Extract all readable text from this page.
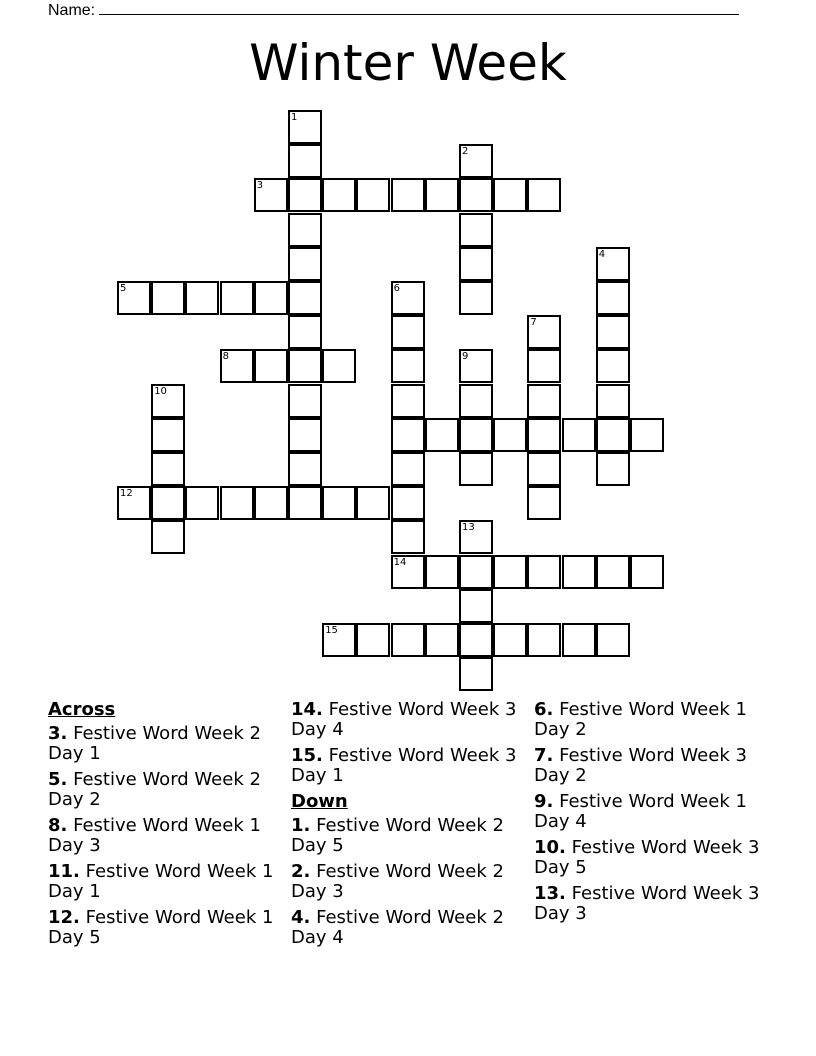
Name:
Winter Week
1
3
2
4
5	6
14
7
8	9
10
12
13
15
Across
3. Festive Word Week 2 Day 1
5. Festive Word Week 2 Day 2
8. Festive Word Week 1 Day 3
11. Festive Word Week 1 Day 1
12. Festive Word Week 1 Day 5
14. Festive Word Week 3 Day 4
15. Festive Word Week 3 Day 1
Down
1. Festive Word Week 2 Day 5
2. Festive Word Week 2 Day 3
4. Festive Word Week 2 Day 4
6. Festive Word Week 1 Day 2
7. Festive Word Week 3 Day 2
9. Festive Word Week 1 Day 4
10. Festive Word Week 3 Day 5
13. Festive Word Week 3 Day 3
